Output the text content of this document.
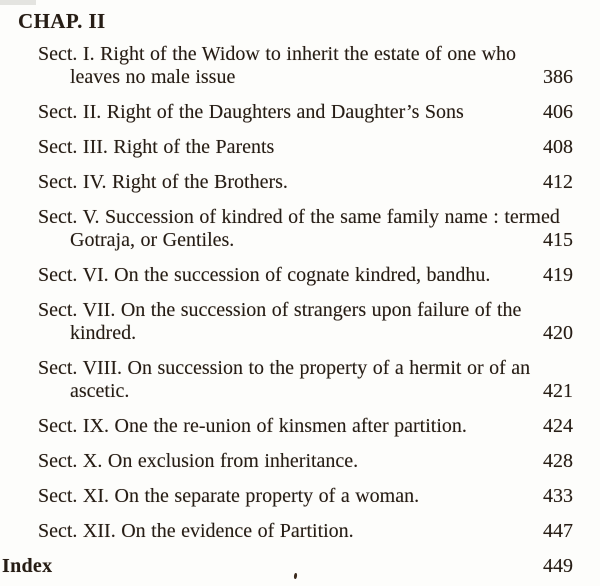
CHAP. II
Sect. I. Right of the Widow to inherit the estate of one who
leaves no male issue	386
Sect. II. Right of the Daughters and Daughter’s Sons	406
Sect. III. Right of the Parents	408
Sect. IV. Right of the Brothers.	412
Sect. V. Succession of kindred of the same family name : termed
Gotraja, or Gentiles.	415
Sect. VI. On the succession of cognate kindred, bandhu.	419
Sect. VII. On the succession of strangers upon failure of the
kindred.	420
Sect. VIII. On succession to the property of a hermit or of an
ascetic.	421
Sect. IX. One the re-union of kinsmen after partition.	424
Sect. X. On exclusion from inheritance.	428
Sect. XI. On the separate property of a woman.	433
Sect. XII. On the evidence of Partition.	447
Index	449
